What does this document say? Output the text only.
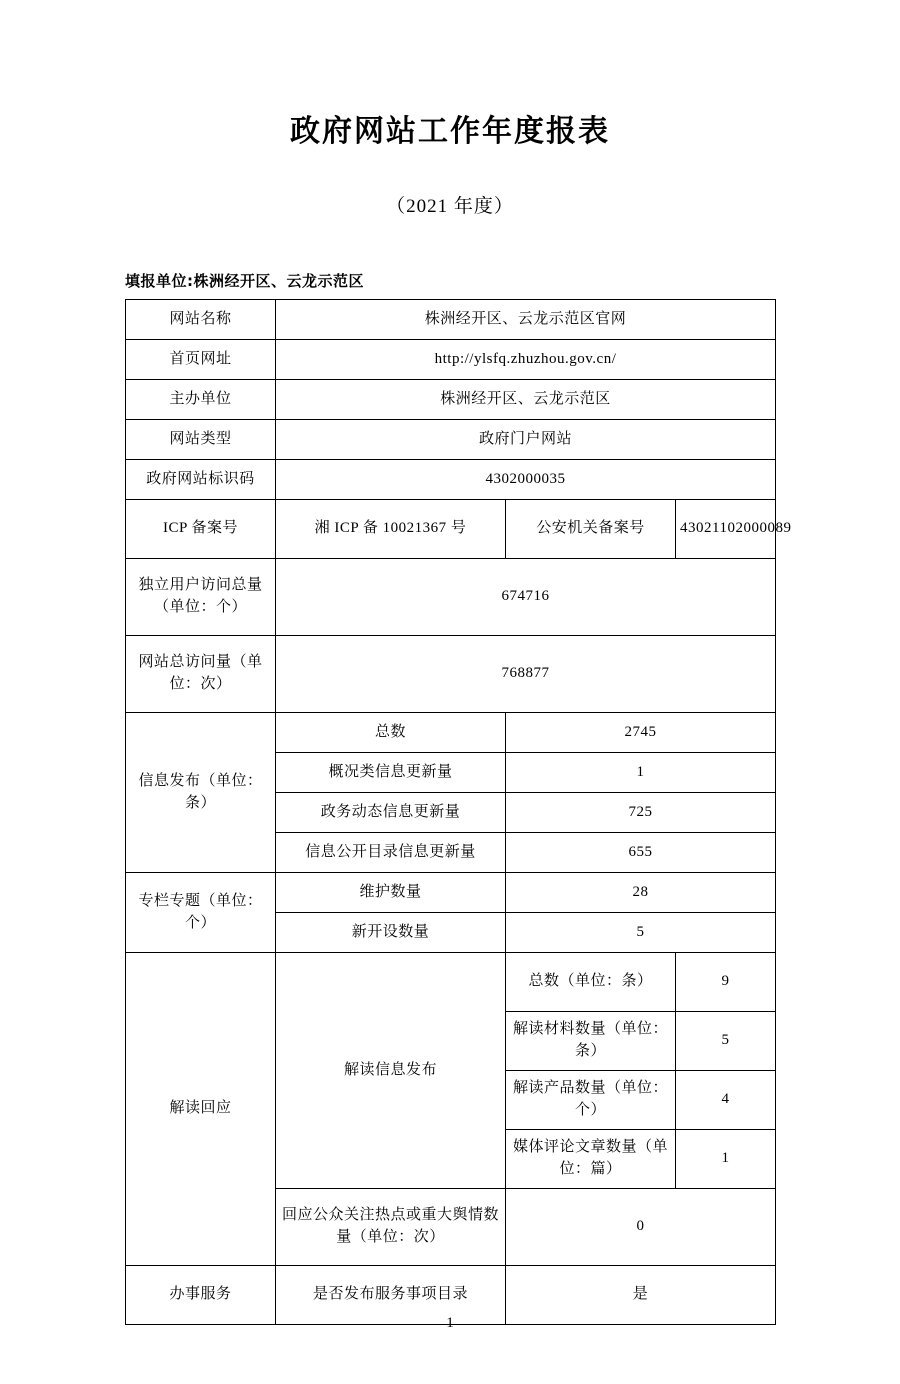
政府网站工作年度报表
（2021 年度）
填报单位:株洲经开区、云龙示范区
网站名称	株洲经开区、云龙示范区官网		
首页网址	http://ylsfq.zhuzhou.gov.cn/		
主办单位	株洲经开区、云龙示范区		
网站类型	政府门户网站		
政府网站标识码	4302000035		
ICP 备案号	湘 ICP 备 10021367 号	公安机关备案号	43021102000089
独立用户访问总量（单位：个）	674716		
网站总访问量（单位：次）	768877		
信息发布（单位：条）	总数	2745	
	概况类信息更新量	1	
	政务动态信息更新量	725	
	信息公开目录信息更新量	655	
专栏专题（单位：个）	维护数量	28	
	新开设数量	5	
解读回应	解读信息发布	总数（单位：条）	9
		解读材料数量（单位：条）	5
		解读产品数量（单位：个）	4
		媒体评论文章数量（单位：篇）	1
	回应公众关注热点或重大舆情数量（单位：次）	0	
办事服务	是否发布服务事项目录	是	
1
